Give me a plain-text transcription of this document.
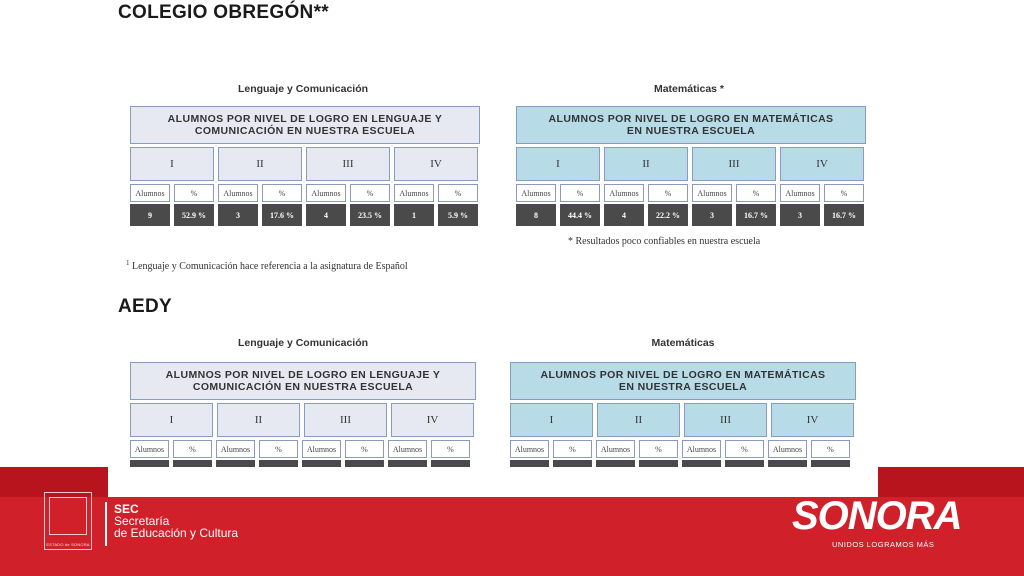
COLEGIO OBREGÓN**
Lenguaje y Comunicación	Matemáticas *
ALUMNOS POR NIVEL DE LOGRO EN LENGUAJE Y
COMUNICACIÓN EN NUESTRA ESCUELA
I	II	III	IV
Alumnos	%	Alumnos	%	Alumnos	%	Alumnos	%
9	52.9 %	3	17.6 %	4	23.5 %	1	5.9 %
ALUMNOS POR NIVEL DE LOGRO EN MATEMÁTICAS
EN NUESTRA ESCUELA
I	II	III	IV
Alumnos	%	Alumnos	%	Alumnos	%	Alumnos	%
8	44.4 %	4	22.2 %	3	16.7 %	3	16.7 %
* Resultados poco confiables en nuestra escuela
$^1$ Lenguaje y Comunicación hace referencia a la asignatura de Español
AEDY
Lenguaje y Comunicación	Matemáticas
ALUMNOS POR NIVEL DE LOGRO EN LENGUAJE Y
COMUNICACIÓN EN NUESTRA ESCUELA
I	II	III	IV
Alumnos	%	Alumnos	%	Alumnos	%	Alumnos	%
ALUMNOS POR NIVEL DE LOGRO EN MATEMÁTICAS
EN NUESTRA ESCUELA
I	II	III	IV
Alumnos	%	Alumnos	%	Alumnos	%	Alumnos	%
ESTADO de SONORA
SEC
Secretaría
de Educación y Cultura	SONORA
UNIDOS LOGRAMOS MÁS
